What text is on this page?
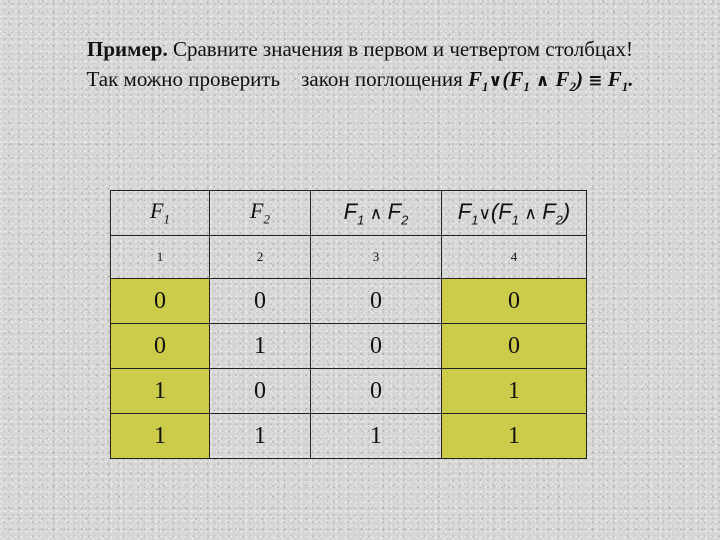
Пример. Сравните значения в первом и четвертом столбцах!
Так можно проверить    закон поглощения $F_1\vee(F_1$ ∧ $F_2) \equiv F_1$.
$F_1$	$F_2$	$F_1$ ∧ $F_2$	$F_1\vee(F_1$ ∧ $F_2$)
1	2	3	4
0	0	0	0
0	1	0	0
1	0	0	1
1	1	1	1
